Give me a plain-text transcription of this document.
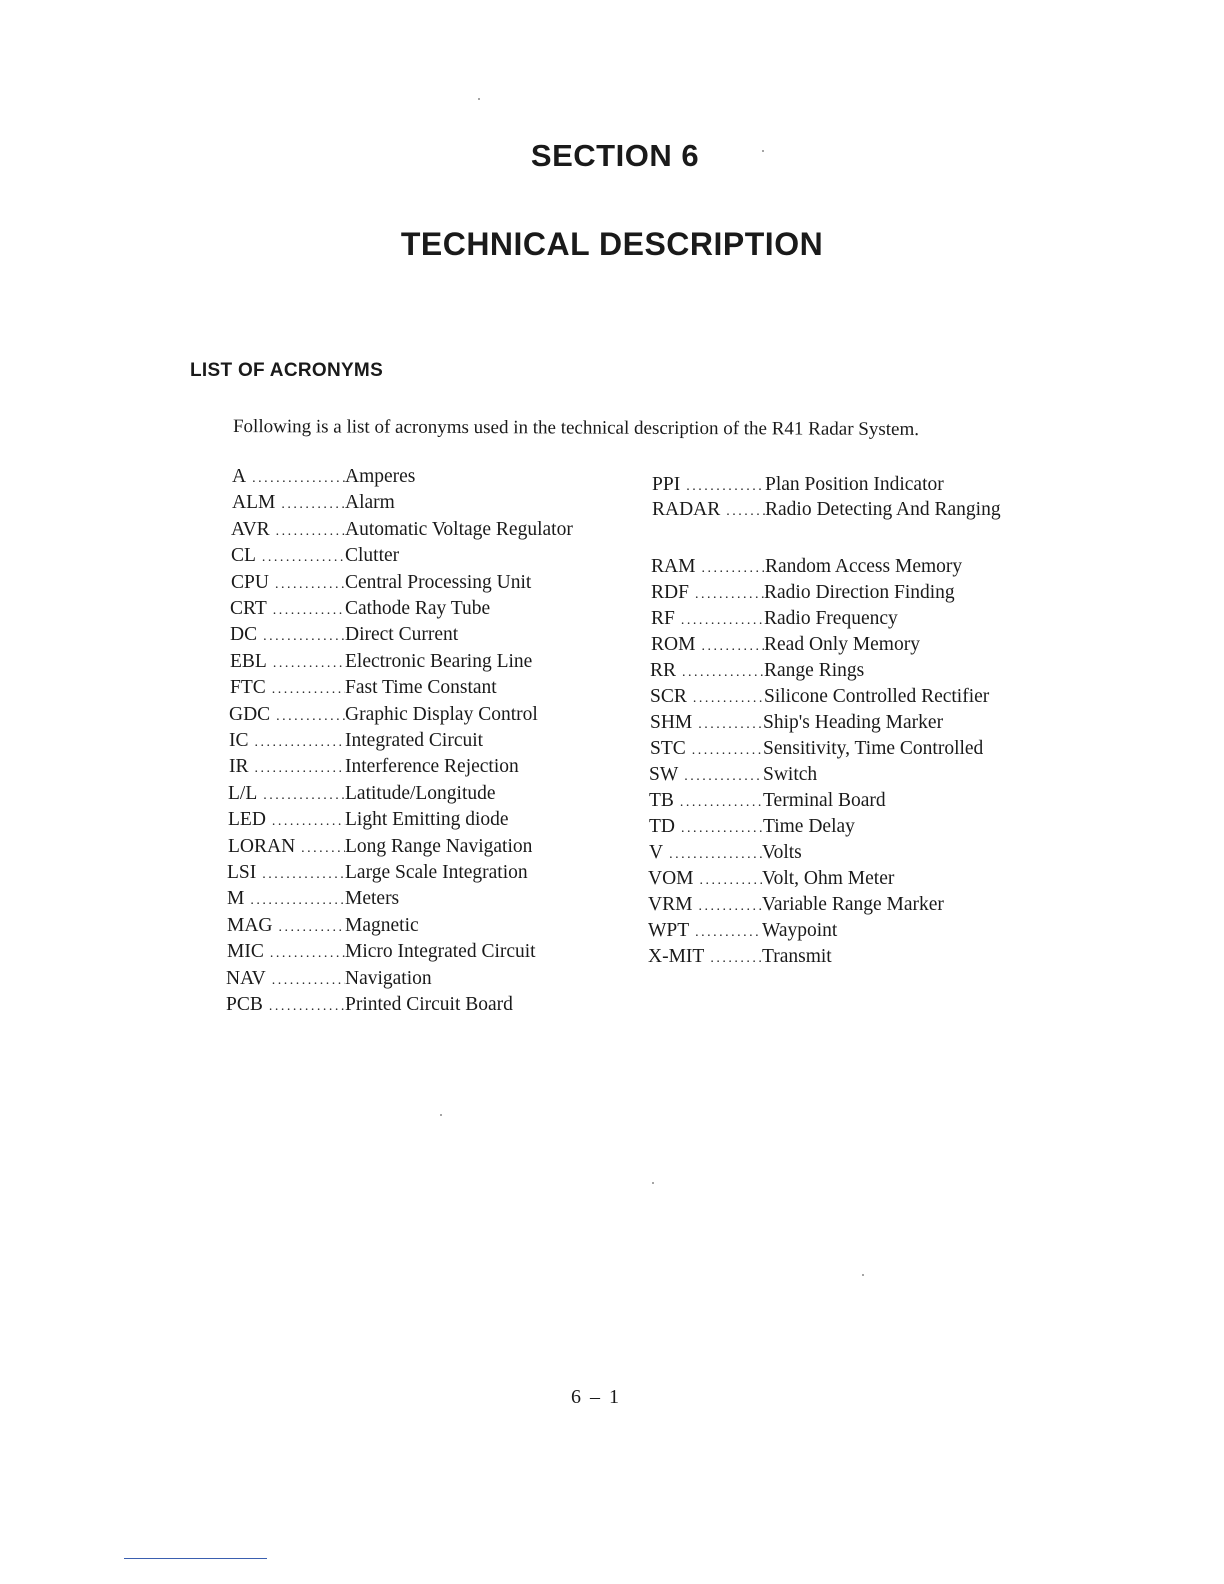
SECTION 6
TECHNICAL DESCRIPTION
LIST OF ACRONYMS
Following is a list of acronyms used in the technical description of the R41 Radar System.
A . . .	Amperes
ALM . . .	Alarm
AVR . . .	Automatic Voltage Regulator
CL . . .	Clutter
CPU . . .	Central Processing Unit
CRT . . .	Cathode Ray Tube
DC . . .	Direct Current
EBL . . .	Electronic Bearing Line
FTC . . .	Fast Time Constant
GDC . . .	Graphic Display Control
IC . . .	Integrated Circuit
IR . . .	Interference Rejection
L/L . . .	Latitude/Longitude
LED . . .	Light Emitting diode
LORAN . . .	Long Range Navigation
LSI . . .	Large Scale Integration
M . . .	Meters
MAG . . .	Magnetic
MIC . . .	Micro Integrated Circuit
NAV . . .	Navigation
PCB . . .	Printed Circuit Board
PPI . . .	Plan Position Indicator
RADAR . . .	Radio Detecting And Ranging
RAM . . .	Random Access Memory
RDF . . .	Radio Direction Finding
RF . . .	Radio Frequency
ROM . . .	Read Only Memory
RR . . .	Range Rings
SCR . . .	Silicone Controlled Rectifier
SHM . . .	Ship's Heading Marker
STC . . .	Sensitivity, Time Controlled
SW . . .	Switch
TB . . .	Terminal Board
TD . . .	Time Delay
V . . .	Volts
VOM . . .	Volt, Ohm Meter
VRM . . .	Variable Range Marker
WPT . . .	Waypoint
X-MIT . . .	Transmit
6 – 1
